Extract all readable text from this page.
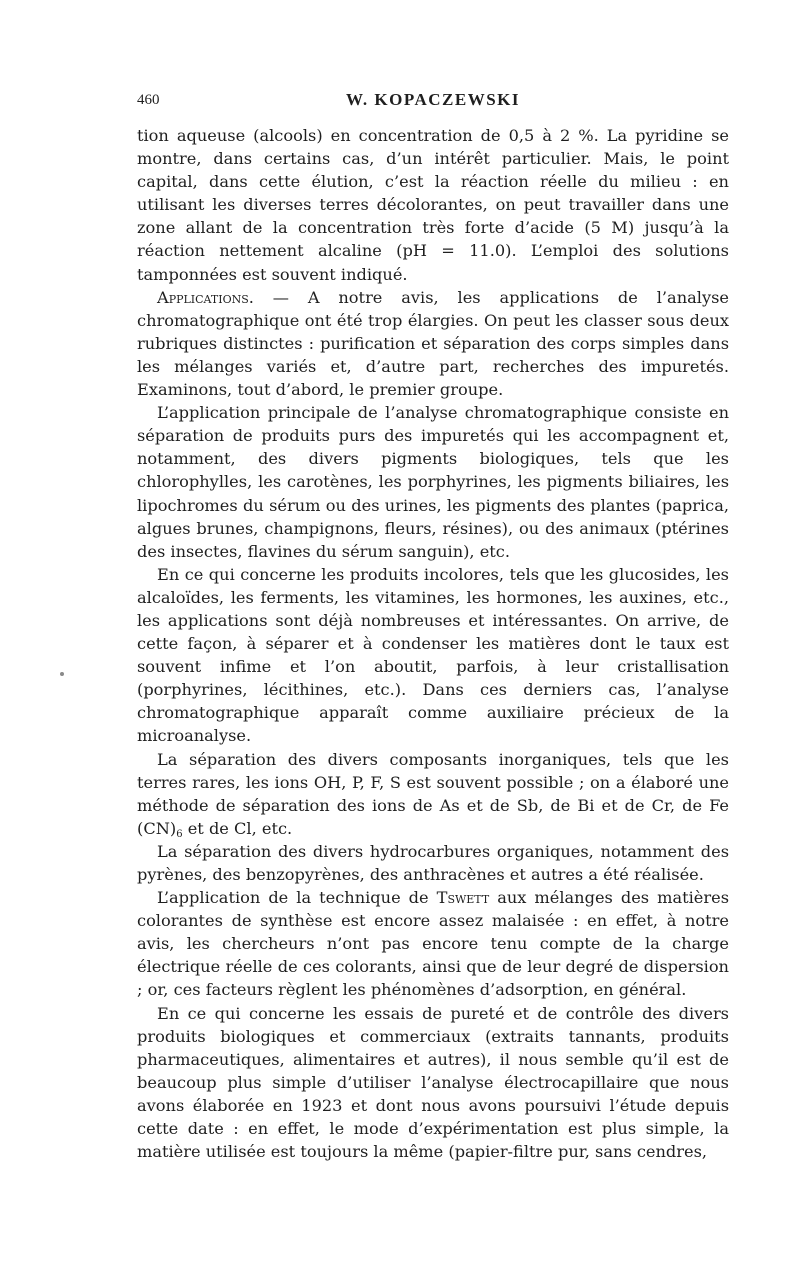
460	W. KOPACZEWSKI

tion aqueuse (alcools) en concentration de 0,5 à 2 %. La pyridine se montre, dans certains cas, d’un intérêt particulier. Mais, le point capital, dans cette élution, c’est la réaction réelle du milieu : en utilisant les diverses terres décolorantes, on peut travailler dans une zone allant de la concentration très forte d’acide (5 M) jusqu’à la réaction nettement alcaline (pH = 11.0). L’emploi des solutions tamponnées est souvent indiqué.

Applications. — A notre avis, les applications de l’analyse chromatographique ont été trop élargies. On peut les classer sous deux rubriques distinctes : purification et séparation des corps simples dans les mélanges variés et, d’autre part, recherches des impuretés. Examinons, tout d’abord, le premier groupe.

L’application principale de l’analyse chromatographique consiste en séparation de produits purs des impuretés qui les accompagnent et, notamment, des divers pigments biologiques, tels que les chlorophylles, les carotènes, les porphyrines, les pigments biliaires, les lipochromes du sérum ou des urines, les pigments des plantes (paprica, algues brunes, champignons, fleurs, résines), ou des animaux (ptérines des insectes, flavines du sérum sanguin), etc.

En ce qui concerne les produits incolores, tels que les glucosides, les alcaloïdes, les ferments, les vitamines, les hormones, les auxines, etc., les applications sont déjà nombreuses et intéressantes. On arrive, de cette façon, à séparer et à condenser les matières dont le taux est souvent infime et l’on aboutit, parfois, à leur cristallisation (porphyrines, lécithines, etc.). Dans ces derniers cas, l’analyse chromatographique apparaît comme auxiliaire précieux de la microanalyse.

La séparation des divers composants inorganiques, tels que les terres rares, les ions OH, P, F, S est souvent possible ; on a élaboré une méthode de séparation des ions de As et de Sb, de Bi et de Cr, de Fe $(CN)_6$ et de Cl, etc.

La séparation des divers hydrocarbures organiques, notamment des pyrènes, des benzopyrènes, des anthracènes et autres a été réalisée.

L’application de la technique de Tswett aux mélanges des matières colorantes de synthèse est encore assez malaisée : en effet, à notre avis, les chercheurs n’ont pas encore tenu compte de la charge électrique réelle de ces colorants, ainsi que de leur degré de dispersion ; or, ces facteurs règlent les phénomènes d’adsorption, en général.

En ce qui concerne les essais de pureté et de contrôle des divers produits biologiques et commerciaux (extraits tannants, produits pharmaceutiques, alimentaires et autres), il nous semble qu’il est de beaucoup plus simple d’utiliser l’analyse électrocapillaire que nous avons élaborée en 1923 et dont nous avons poursuivi l’étude depuis cette date : en effet, le mode d’expérimentation est plus simple, la matière utilisée est toujours la même (papier-filtre pur, sans cendres,
